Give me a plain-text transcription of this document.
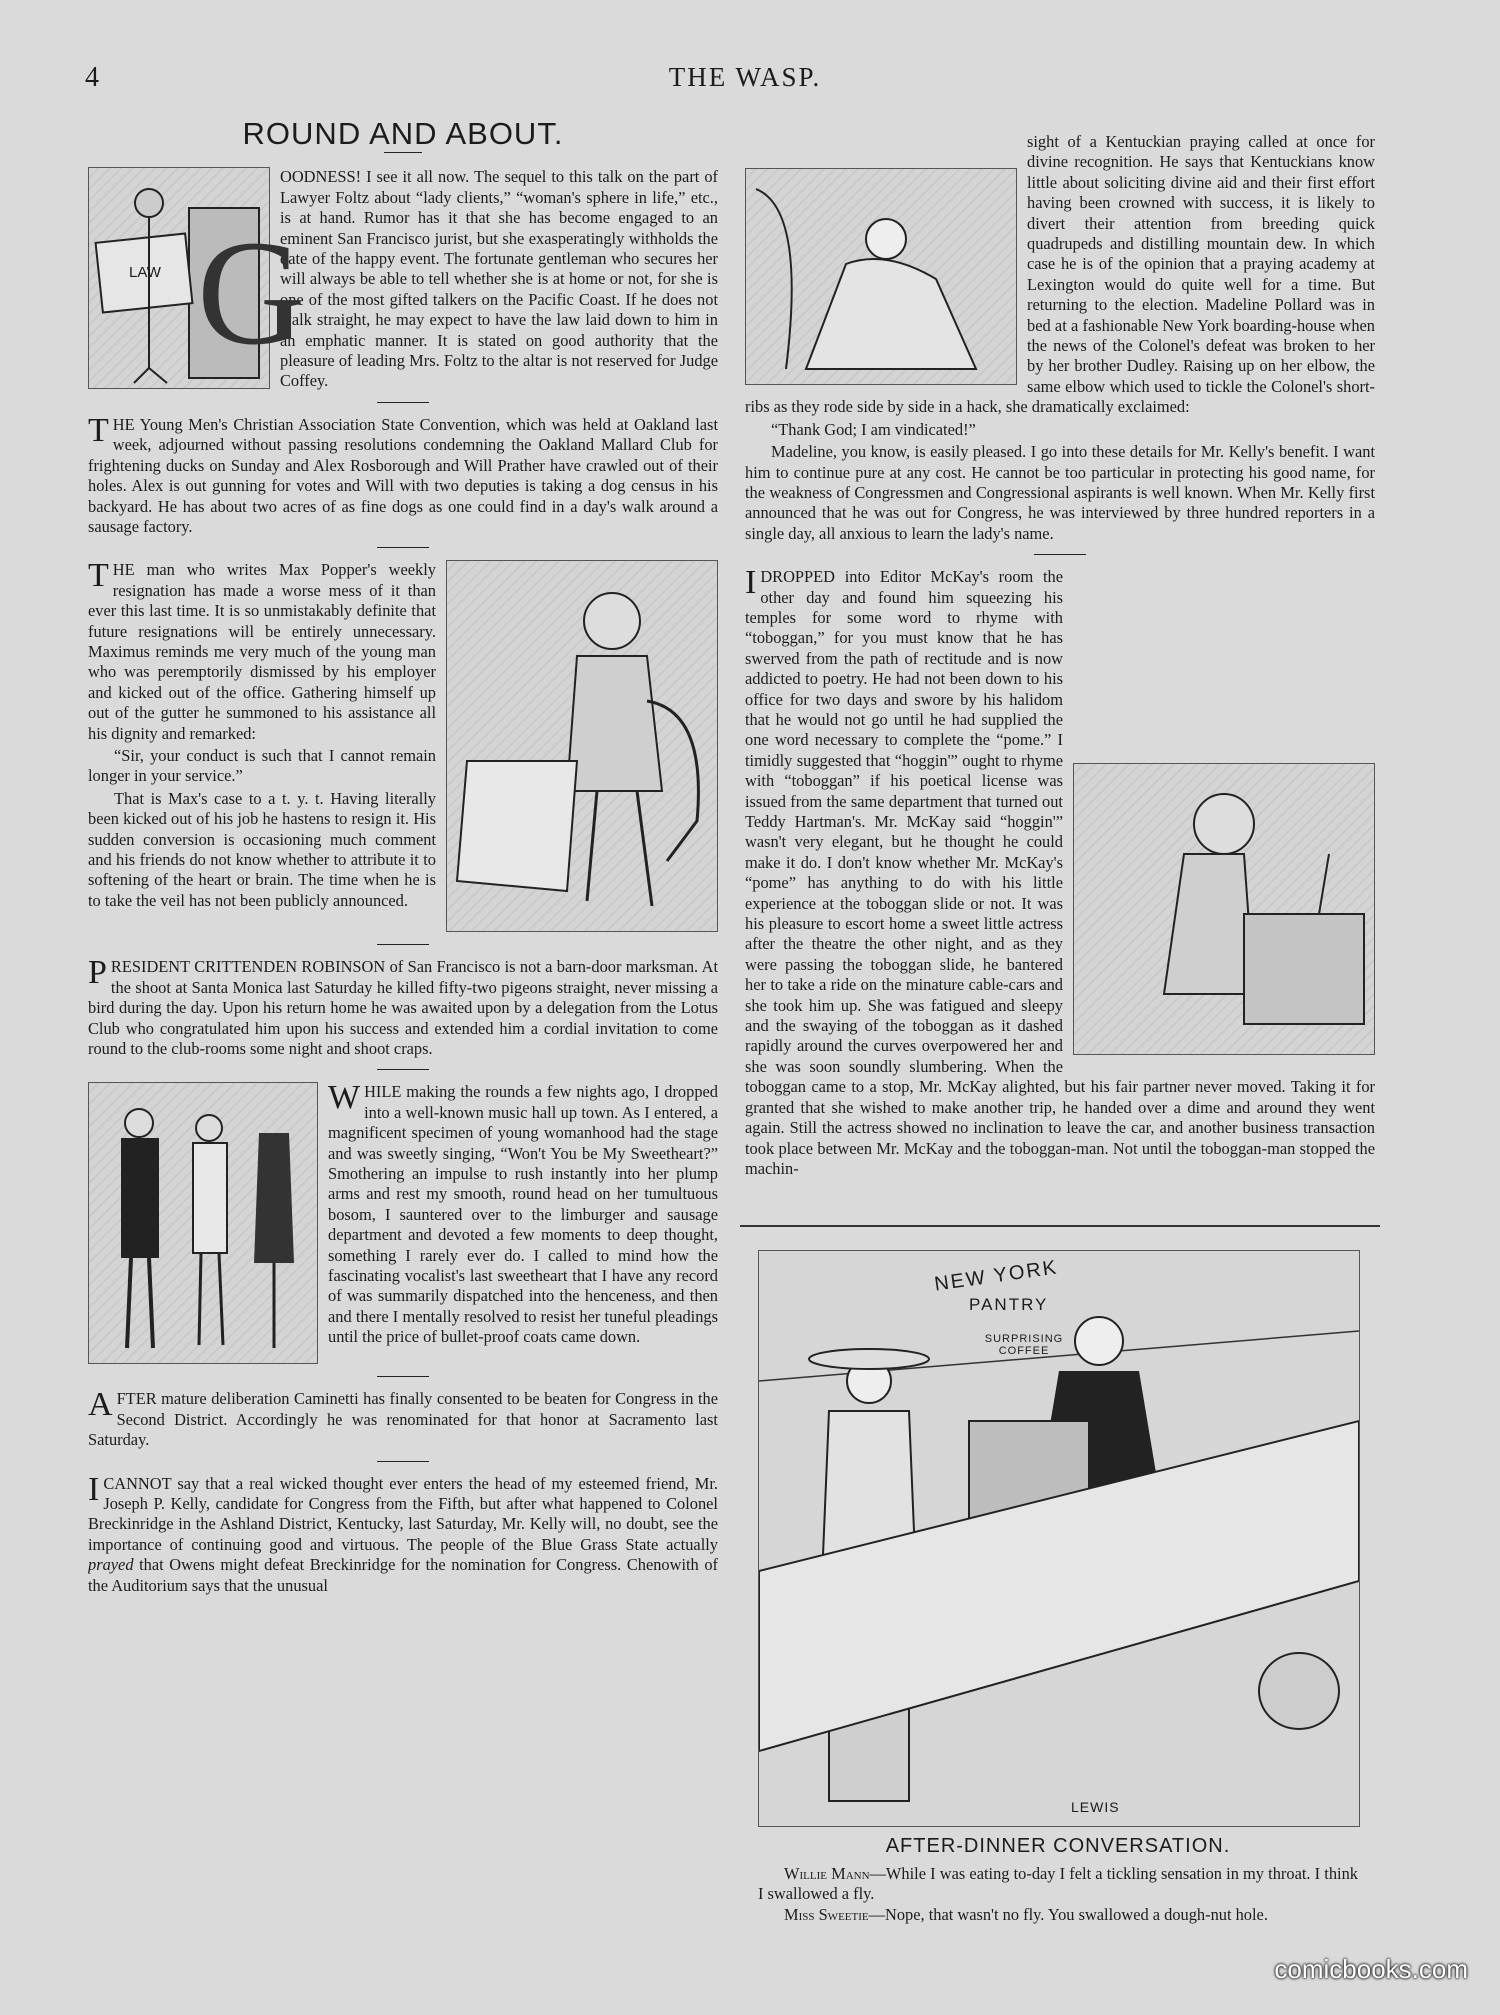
4	THE WASP.
ROUND AND ABOUT.
LAW G

OODNESS! I see it all now. The sequel to this talk on the part of Lawyer Foltz about “lady clients,” “woman's sphere in life,” etc., is at hand. Rumor has it that she has become engaged to an eminent San Francisco jurist, but she exasperatingly withholds the date of the happy event. The fortunate gentleman who secures her will always be able to tell whether she is at home or not, for she is one of the most gifted talkers on the Pacific Coast. If he does not walk straight, he may expect to have the law laid down to him in an emphatic manner. It is stated on good authority that the pleasure of leading Mrs. Foltz to the altar is not reserved for Judge Coffey.

T HE Young Men's Christian Association State Convention, which was held at Oakland last week, adjourned without passing resolutions condemning the Oakland Mallard Club for frightening ducks on Sunday and Alex Rosborough and Will Prather have crawled out of their holes. Alex is out gunning for votes and Will with two deputies is taking a dog census in his backyard. He has about two acres of as fine dogs as one could find in a day's walk around a sausage factory.

T HE man who writes Max Popper's weekly resignation has made a worse mess of it than ever this last time. It is so unmistakably definite that future resignations will be entirely unnecessary. Maximus reminds me very much of the young man who was peremptorily dismissed by his employer and kicked out of the office. Gathering himself up out of the gutter he summoned to his assistance all his dignity and remarked:

“Sir, your conduct is such that I cannot remain longer in your service.”

That is Max's case to a t. y. t. Having literally been kicked out of his job he hastens to resign it. His sudden conversion is occasioning much comment and his friends do not know whether to attribute it to softening of the heart or brain. The time when he is to take the veil has not been publicly announced.

P RESIDENT CRITTENDEN ROBINSON of San Francisco is not a barn-door marksman. At the shoot at Santa Monica last Saturday he killed fifty-two pigeons straight, never missing a bird during the day. Upon his return home he was awaited upon by a delegation from the Lotus Club who congratulated him upon his success and extended him a cordial invitation to come round to the club-rooms some night and shoot craps.

W HILE making the rounds a few nights ago, I dropped into a well-known music hall up town. As I entered, a magnificent specimen of young womanhood had the stage and was sweetly singing, “Won't You be My Sweetheart?” Smothering an impulse to rush instantly into her plump arms and rest my smooth, round head on her tumultuous bosom, I sauntered over to the limburger and sausage department and devoted a few moments to deep thought, something I rarely ever do. I called to mind how the fascinating vocalist's last sweetheart that I have any record of was summarily dispatched into the henceness, and then and there I mentally resolved to resist her tuneful pleadings until the price of bullet-proof coats came down.

A FTER mature deliberation Caminetti has finally consented to be beaten for Congress in the Second District. Accordingly he was renominated for that honor at Sacramento last Saturday.

I CANNOT say that a real wicked thought ever enters the head of my esteemed friend, Mr. Joseph P. Kelly, candidate for Congress from the Fifth, but after what happened to Colonel Breckinridge in the Ashland District, Kentucky, last Saturday, Mr. Kelly will, no doubt, see the importance of continuing good and virtuous. The people of the Blue Grass State actually prayed that Owens might defeat Breckinridge for the nomination for Congress. Chenowith of the Auditorium says that the unusual

sight of a Kentuckian praying called at once for divine recognition. He says that Kentuckians know little about soliciting divine aid and their first effort having been crowned with success, it is likely to divert their attention from breeding quick quadrupeds and distilling mountain dew. In which case he is of the opinion that a praying academy at Lexington would do quite well for a time. But returning to the election. Madeline Pollard was in bed at a fashionable New York boarding-house when the news of the Colonel's defeat was broken to her by her brother Dudley. Raising up on her elbow, the same elbow which used to tickle the Colonel's short-ribs as they rode side by side in a hack, she dramatically exclaimed:

“Thank God; I am vindicated!”

Madeline, you know, is easily pleased. I go into these details for Mr. Kelly's benefit. I want him to continue pure at any cost. He cannot be too particular in protecting his good name, for the weakness of Congressmen and Congressional aspirants is well known. When Mr. Kelly first announced that he was out for Congress, he was interviewed by three hundred reporters in a single day, all anxious to learn the lady's name.

I DROPPED into Editor McKay's room the other day and found him squeezing his temples for some word to rhyme with “toboggan,” for you must know that he has swerved from the path of rectitude and is now addicted to poetry. He had not been down to his office for two days and swore by his halidom that he would not go until he had supplied the one word necessary to complete the “pome.” I timidly suggested that “hoggin'” ought to rhyme with “toboggan” if his poetical license was issued from the same department that turned out Teddy Hartman's. Mr. McKay said “hoggin'” wasn't very elegant, but he thought he could make it do. I don't know whether Mr. McKay's “pome” has anything to do with his little experience at the toboggan slide or not. It was his pleasure to escort home a sweet little actress after the theatre the other night, and as they were passing the toboggan slide, he bantered her to take a ride on the minature cable-cars and she took him up. She was fatigued and sleepy and the swaying of the toboggan as it dashed rapidly around the curves overpowered her and she was soon soundly slumbering. When the toboggan came to a stop, Mr. McKay alighted, but his fair partner never moved. Taking it for granted that she wished to make another trip, he handed over a dime and around they went again. Still the actress showed no inclination to leave the car, and another business transaction took place between Mr. McKay and the toboggan-man. Not until the toboggan-man stopped the machin-

NEW YORK
PANTRY
SURPRISING COFFEE
LEWIS
AFTER-DINNER CONVERSATION.

Willie Mann—While I was eating to-day I felt a tickling sensation in my throat. I think I swallowed a fly.

Miss Sweetie—Nope, that wasn't no fly. You swallowed a dough-nut hole.

comicbooks.com
